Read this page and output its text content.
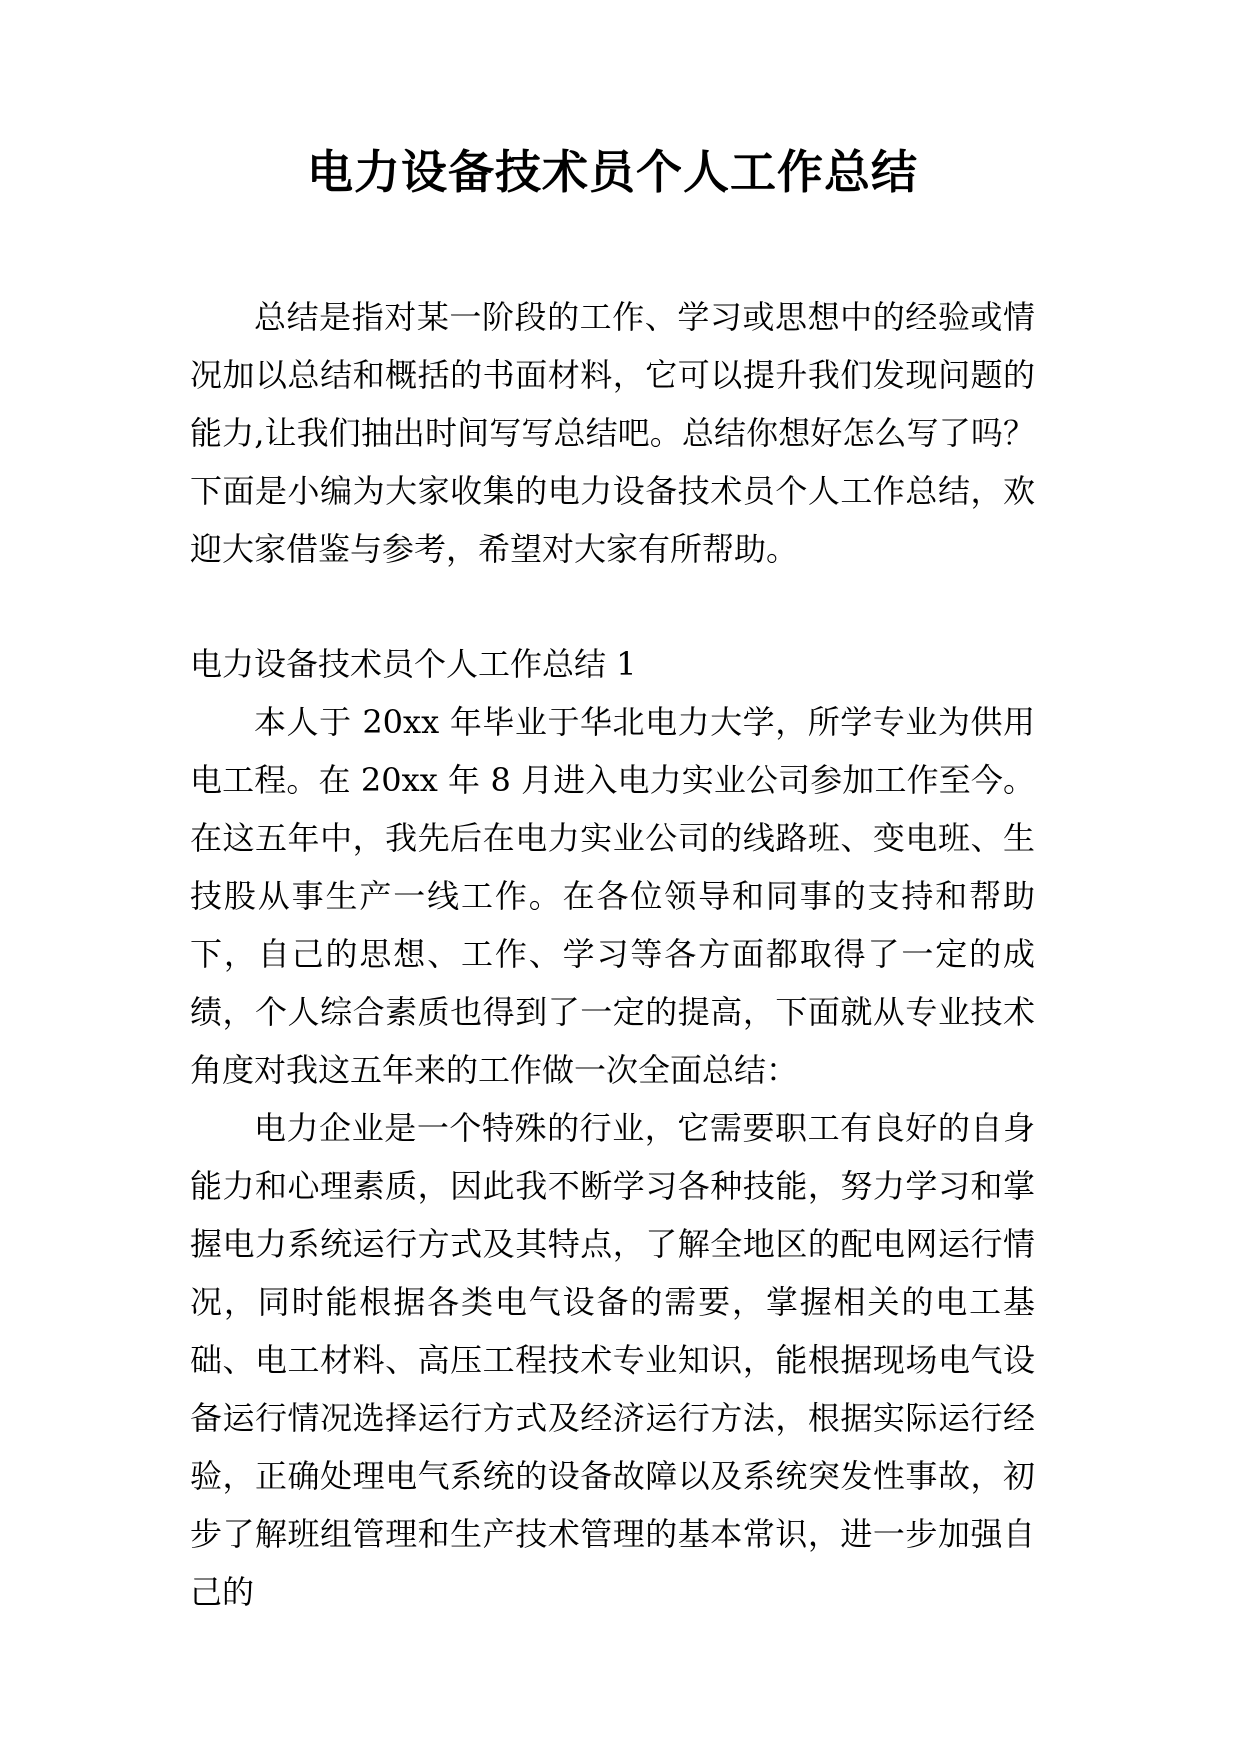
电力设备技术员个人工作总结

总结是指对某一阶段的工作、学习或思想中的经验或情况加以总结和概括的书面材料，它可以提升我们发现问题的能力,让我们抽出时间写写总结吧。总结你想好怎么写了吗？下面是小编为大家收集的电力设备技术员个人工作总结，欢迎大家借鉴与参考，希望对大家有所帮助。

电力设备技术员个人工作总结 1

本人于 20xx 年毕业于华北电力大学，所学专业为供用电工程。在 20xx 年 8 月进入电力实业公司参加工作至今。在这五年中，我先后在电力实业公司的线路班、变电班、生技股从事生产一线工作。在各位领导和同事的支持和帮助下，自己的思想、工作、学习等各方面都取得了一定的成绩，个人综合素质也得到了一定的提高，下面就从专业技术角度对我这五年来的工作做一次全面总结：

电力企业是一个特殊的行业，它需要职工有良好的自身能力和心理素质，因此我不断学习各种技能，努力学习和掌握电力系统运行方式及其特点，了解全地区的配电网运行情况，同时能根据各类电气设备的需要，掌握相关的电工基础、电工材料、高压工程技术专业知识，能根据现场电气设备运行情况选择运行方式及经济运行方法，根据实际运行经验，正确处理电气系统的设备故障以及系统突发性事故，初步了解班组管理和生产技术管理的基本常识，进一步加强自己的
